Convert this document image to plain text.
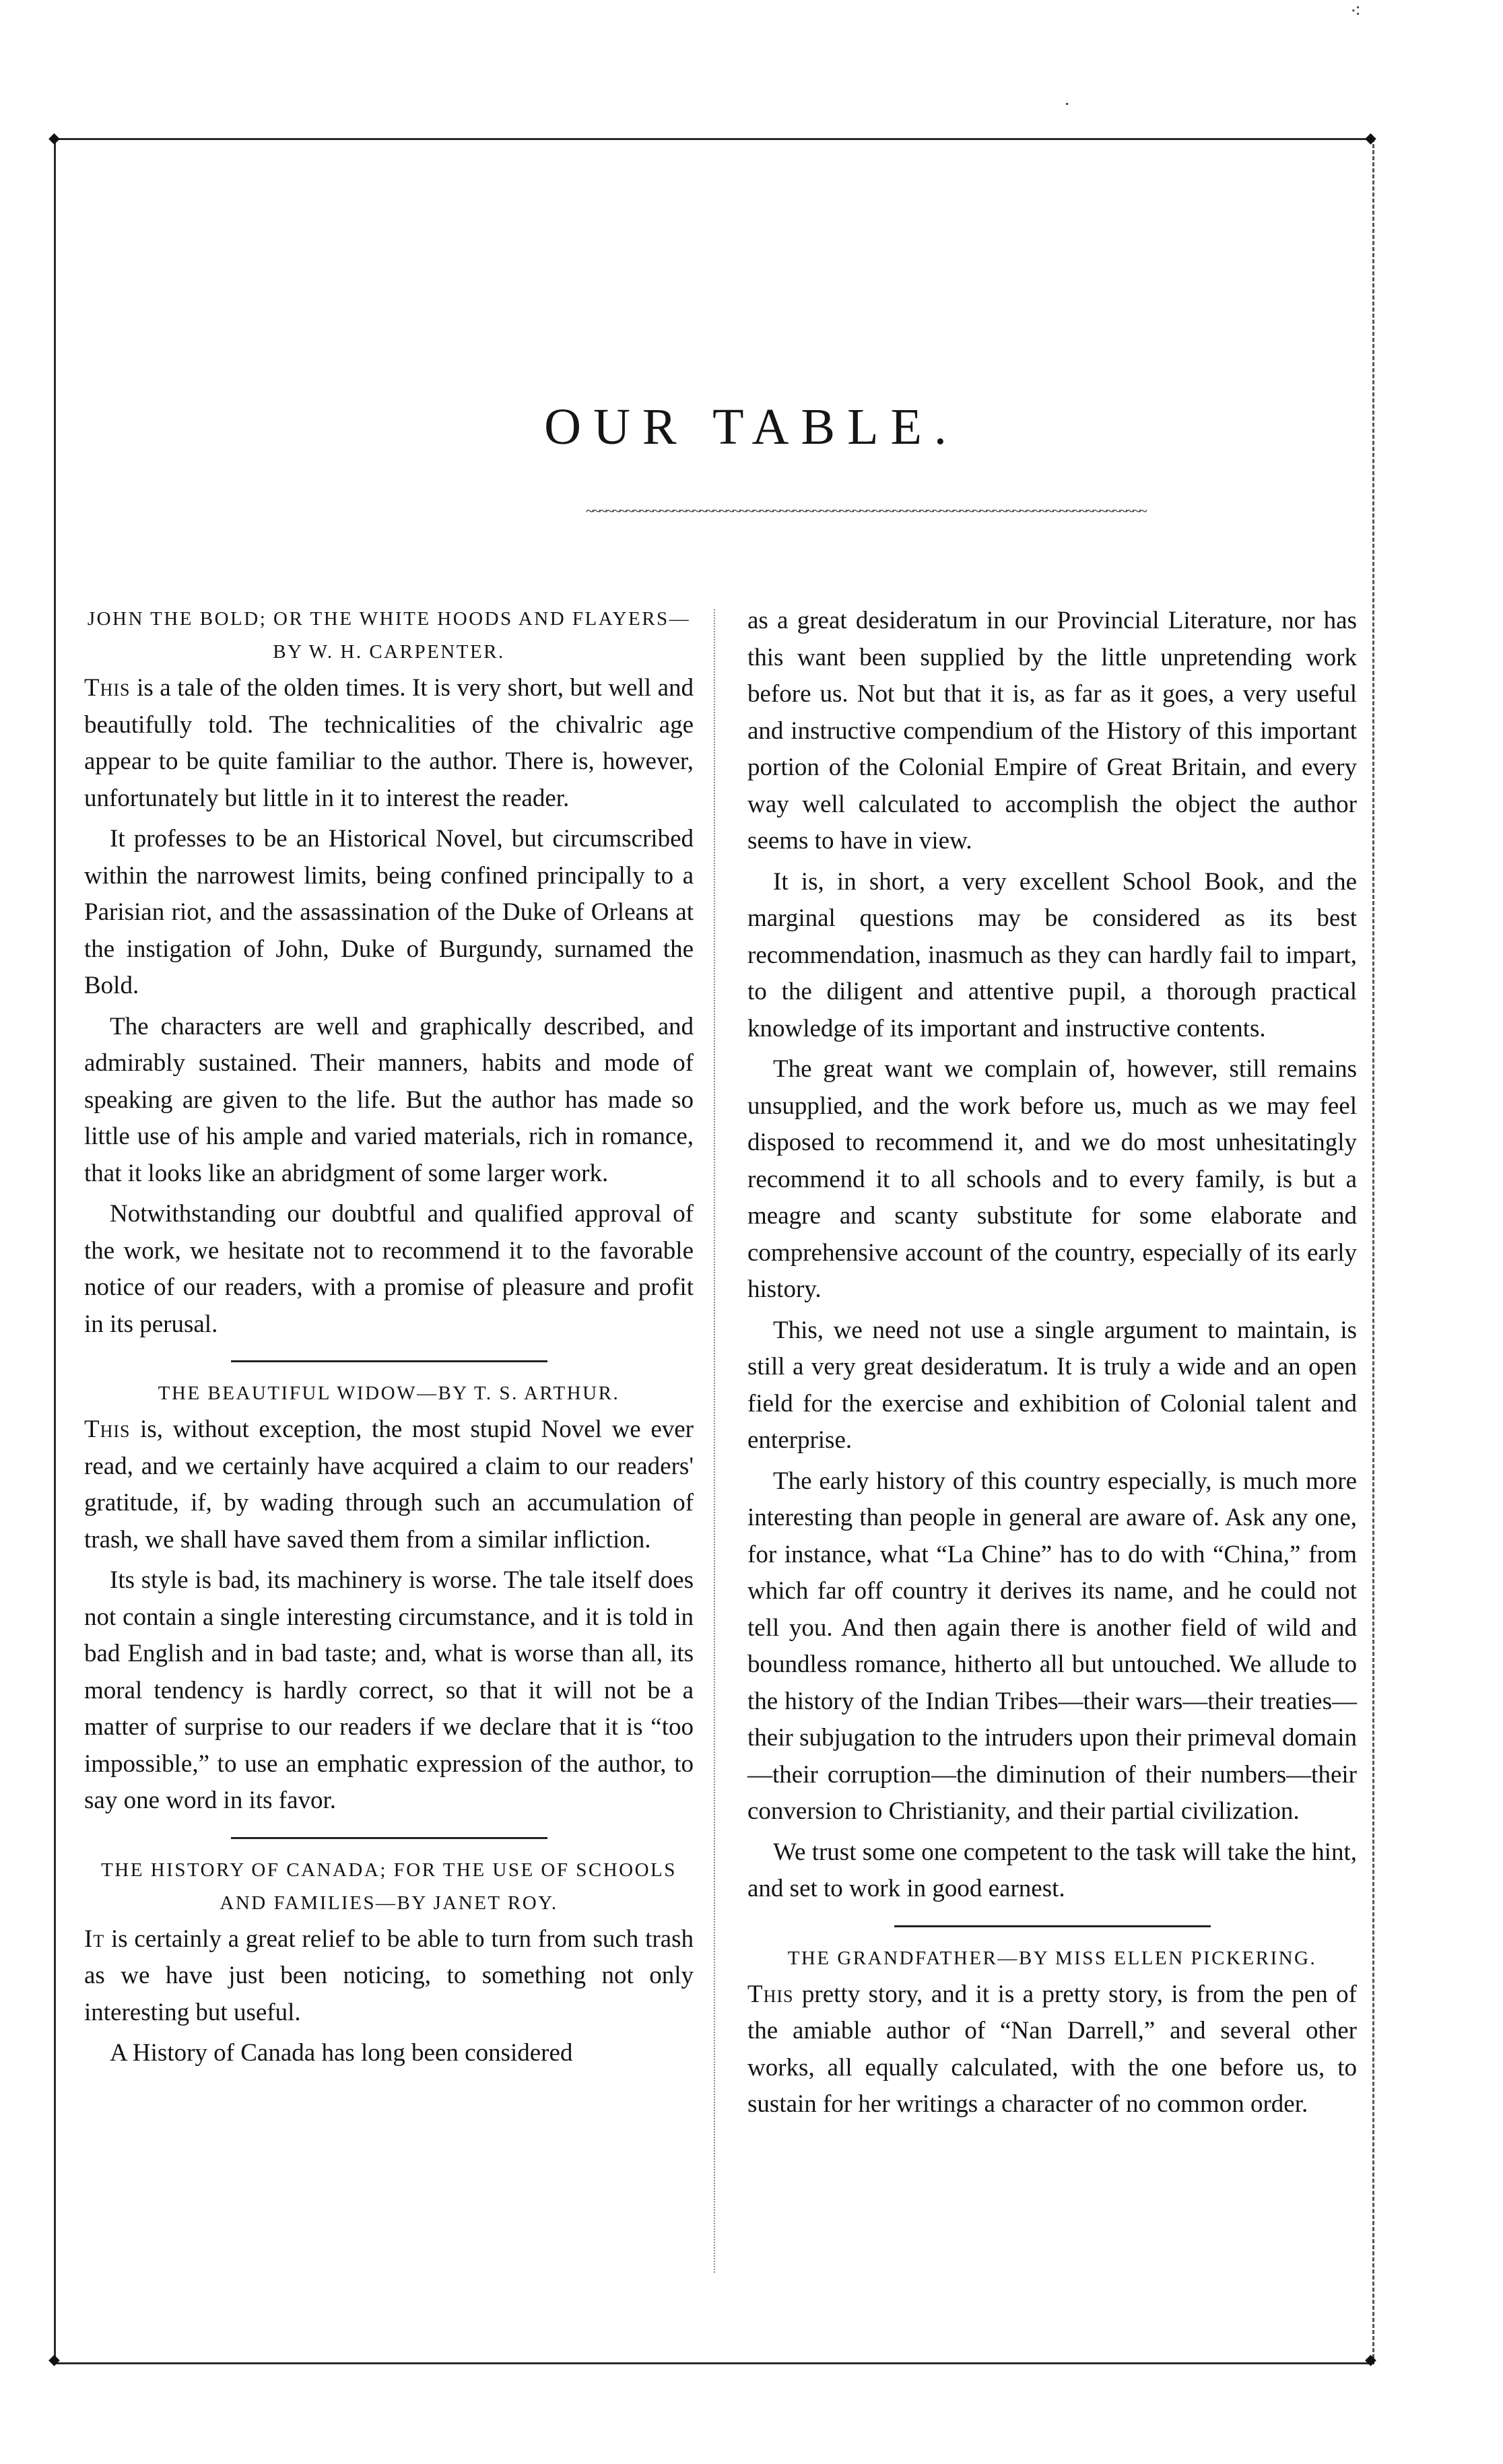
◆	◆
◆	◆
⁖
·
OUR TABLE.
~~~~~~~~~~~~~~~~~~~~~~~~~~~~~~~~~~~~~~~~~~~~~~~~~~~~~~~~~~~~~~~~~~~~~~~~~~~~~~~~~~~~
JOHN THE BOLD; OR THE WHITE HOODS AND FLAYERS—BY W. H. CARPENTER.

This is a tale of the olden times. It is very short, but well and beautifully told. The technicalities of the chivalric age appear to be quite familiar to the author. There is, however, unfortunately but little in it to interest the reader.

It professes to be an Historical Novel, but circumscribed within the narrowest limits, being confined principally to a Parisian riot, and the assassination of the Duke of Orleans at the instigation of John, Duke of Burgundy, surnamed the Bold.

The characters are well and graphically described, and admirably sustained. Their manners, habits and mode of speaking are given to the life. But the author has made so little use of his ample and varied materials, rich in romance, that it looks like an abridgment of some larger work.

Notwithstanding our doubtful and qualified approval of the work, we hesitate not to recommend it to the favorable notice of our readers, with a promise of pleasure and profit in its perusal.

THE BEAUTIFUL WIDOW—BY T. S. ARTHUR.

This is, without exception, the most stupid Novel we ever read, and we certainly have acquired a claim to our readers' gratitude, if, by wading through such an accumulation of trash, we shall have saved them from a similar infliction.

Its style is bad, its machinery is worse. The tale itself does not contain a single interesting circumstance, and it is told in bad English and in bad taste; and, what is worse than all, its moral tendency is hardly correct, so that it will not be a matter of surprise to our readers if we declare that it is “too impossible,” to use an emphatic expression of the author, to say one word in its favor.

THE HISTORY OF CANADA; FOR THE USE OF SCHOOLS AND FAMILIES—BY JANET ROY.

It is certainly a great relief to be able to turn from such trash as we have just been noticing, to something not only interesting but useful.

A History of Canada has long been considered

as a great desideratum in our Provincial Literature, nor has this want been supplied by the little unpretending work before us. Not but that it is, as far as it goes, a very useful and instructive compendium of the History of this important portion of the Colonial Empire of Great Britain, and every way well calculated to accomplish the object the author seems to have in view.

It is, in short, a very excellent School Book, and the marginal questions may be considered as its best recommendation, inasmuch as they can hardly fail to impart, to the diligent and attentive pupil, a thorough practical knowledge of its important and instructive contents.

The great want we complain of, however, still remains unsupplied, and the work before us, much as we may feel disposed to recommend it, and we do most unhesitatingly recommend it to all schools and to every family, is but a meagre and scanty substitute for some elaborate and comprehensive account of the country, especially of its early history.

This, we need not use a single argument to maintain, is still a very great desideratum. It is truly a wide and an open field for the exercise and exhibition of Colonial talent and enterprise.

The early history of this country especially, is much more interesting than people in general are aware of. Ask any one, for instance, what “La Chine” has to do with “China,” from which far off country it derives its name, and he could not tell you. And then again there is another field of wild and boundless romance, hitherto all but untouched. We allude to the history of the Indian Tribes—their wars—their treaties—their subjugation to the intruders upon their primeval domain—their corruption—the diminution of their numbers—their conversion to Christianity, and their partial civilization.

We trust some one competent to the task will take the hint, and set to work in good earnest.

THE GRANDFATHER—BY MISS ELLEN PICKERING.

This pretty story, and it is a pretty story, is from the pen of the amiable author of “Nan Darrell,” and several other works, all equally calculated, with the one before us, to sustain for her writings a character of no common order.
